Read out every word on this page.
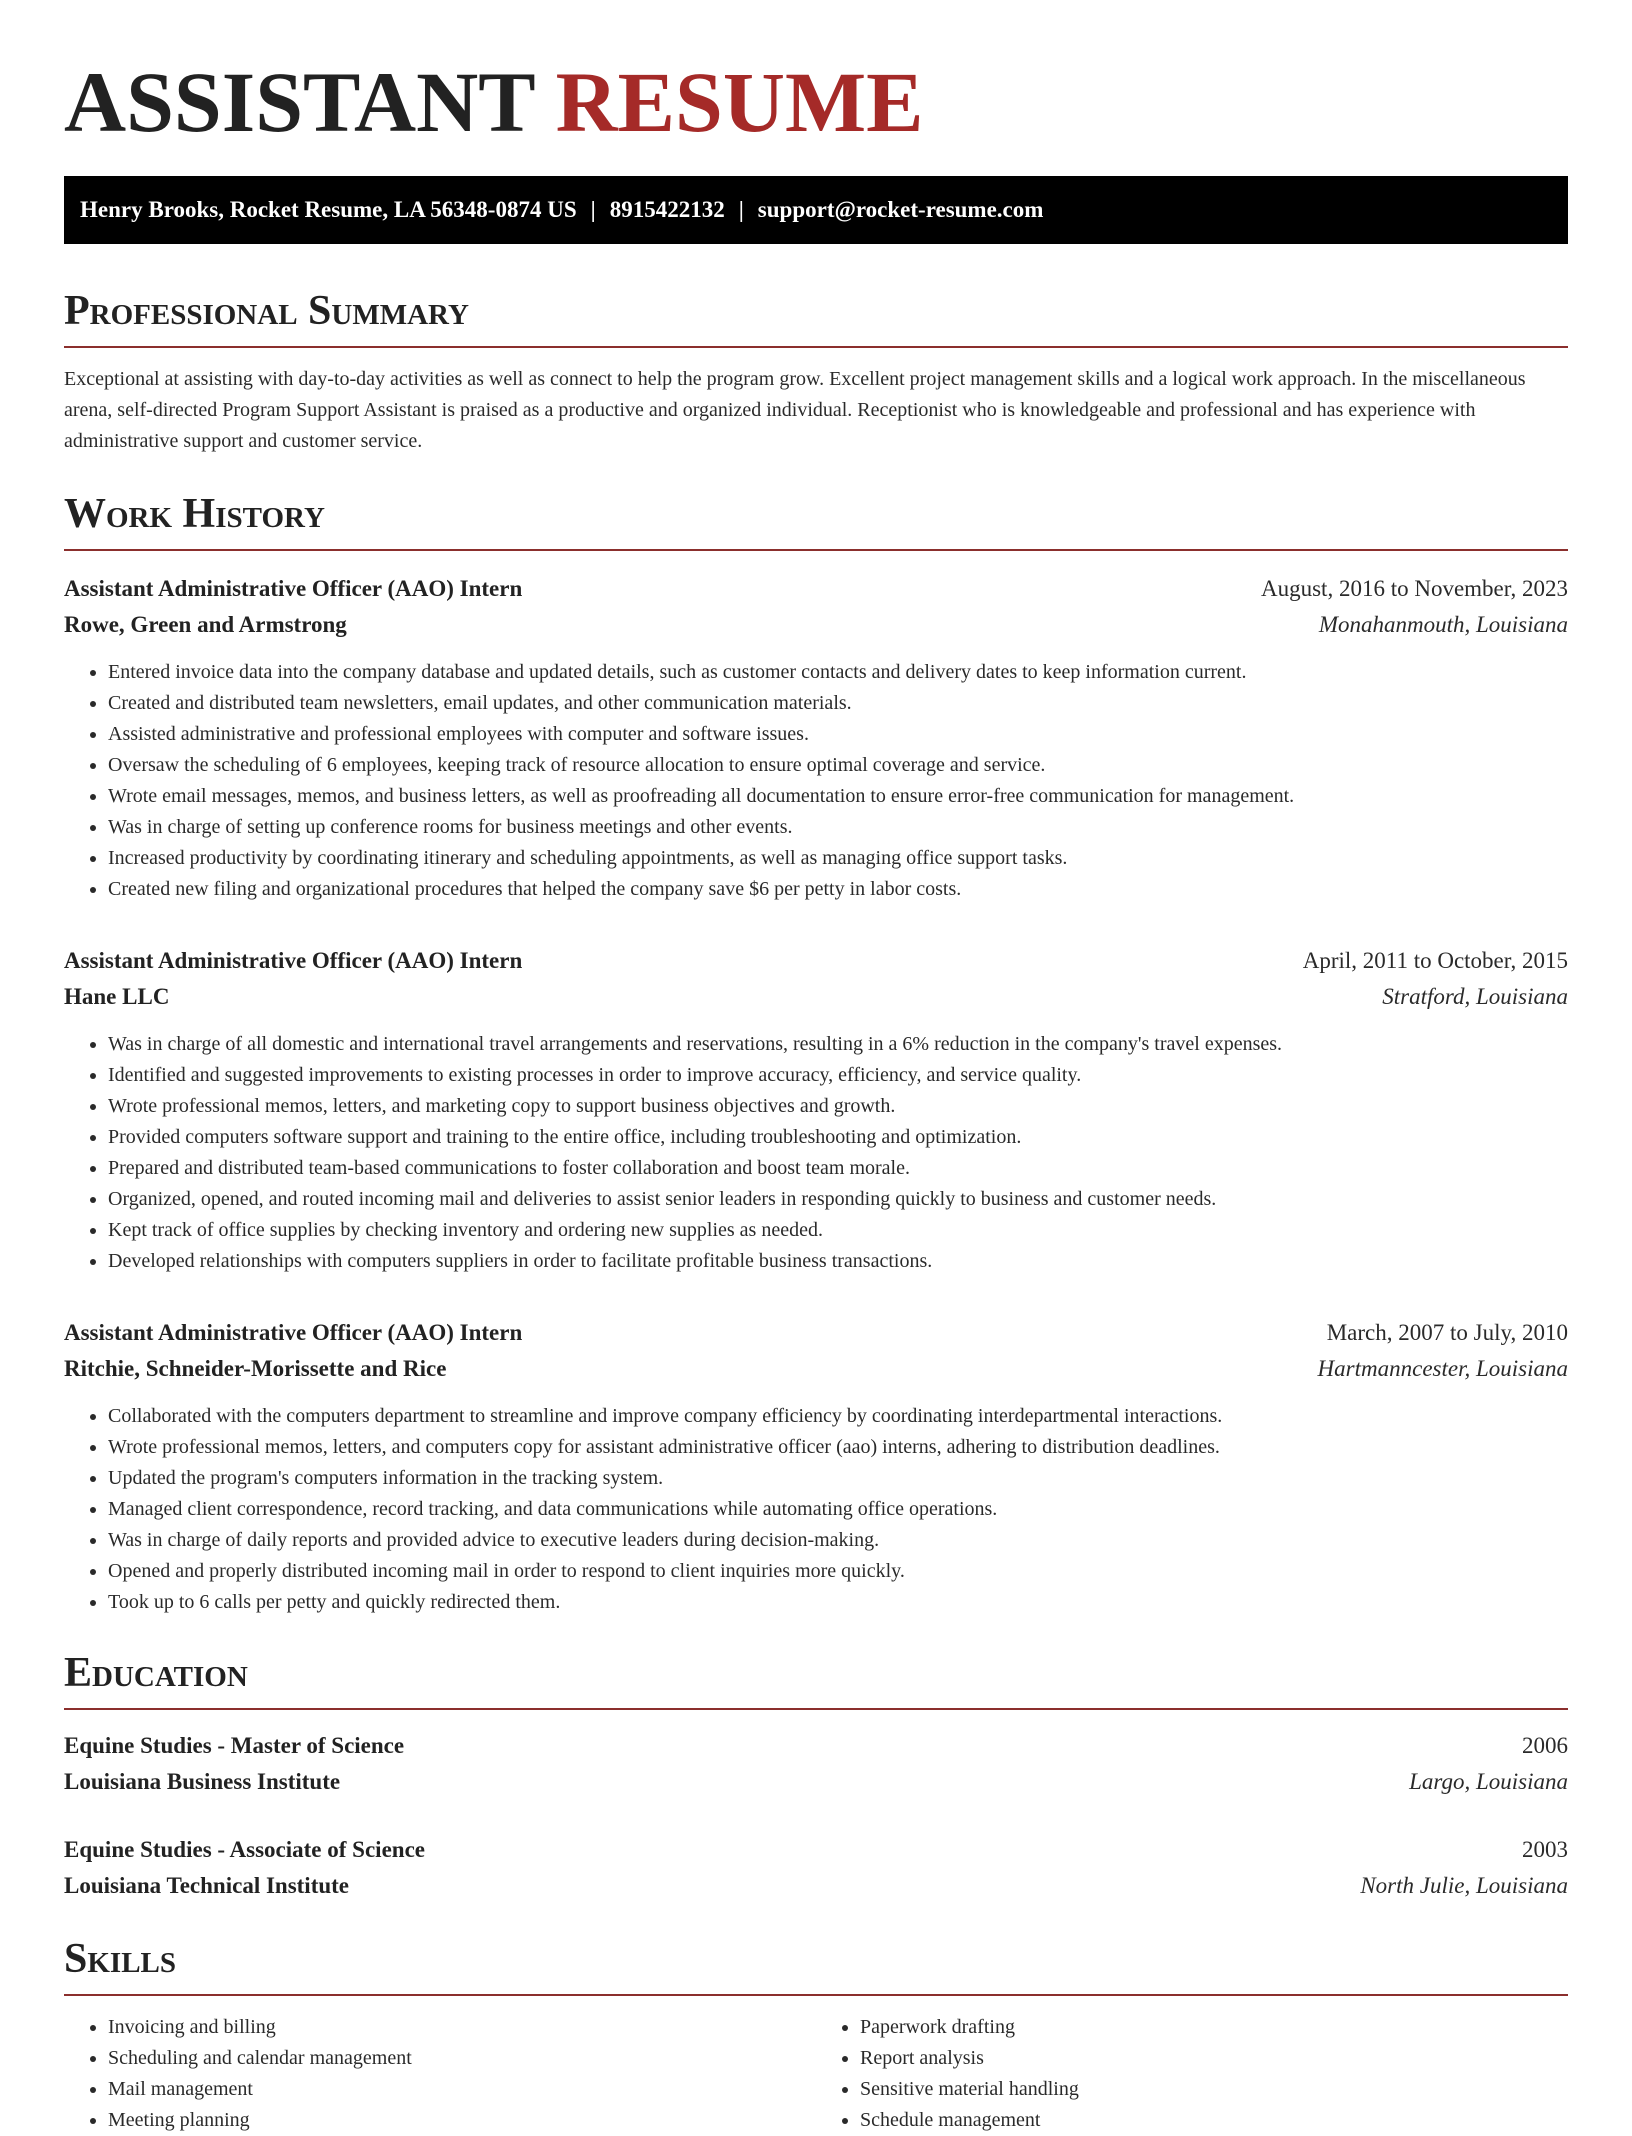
ASSISTANT RESUME
Henry Brooks, Rocket Resume, LA 56348-0874 US | 8915422132 | support@rocket-resume.com
Professional Summary

Exceptional at assisting with day-to-day activities as well as connect to help the program grow. Excellent project management skills and a logical work approach. In the miscellaneous arena, self-directed Program Support Assistant is praised as a productive and organized individual. Receptionist who is knowledgeable and professional and has experience with administrative support and customer service.

Work History
Assistant Administrative Officer (AAO) Intern	August, 2016 to November, 2023
Rowe, Green and Armstrong	Monahanmouth, Louisiana
• Entered invoice data into the company database and updated details, such as customer contacts and delivery dates to keep information current.
• Created and distributed team newsletters, email updates, and other communication materials.
• Assisted administrative and professional employees with computer and software issues.
• Oversaw the scheduling of 6 employees, keeping track of resource allocation to ensure optimal coverage and service.
• Wrote email messages, memos, and business letters, as well as proofreading all documentation to ensure error-free communication for management.
• Was in charge of setting up conference rooms for business meetings and other events.
• Increased productivity by coordinating itinerary and scheduling appointments, as well as managing office support tasks.
• Created new filing and organizational procedures that helped the company save $6 per petty in labor costs.
Assistant Administrative Officer (AAO) Intern	April, 2011 to October, 2015
Hane LLC	Stratford, Louisiana
• Was in charge of all domestic and international travel arrangements and reservations, resulting in a 6% reduction in the company's travel expenses.
• Identified and suggested improvements to existing processes in order to improve accuracy, efficiency, and service quality.
• Wrote professional memos, letters, and marketing copy to support business objectives and growth.
• Provided computers software support and training to the entire office, including troubleshooting and optimization.
• Prepared and distributed team-based communications to foster collaboration and boost team morale.
• Organized, opened, and routed incoming mail and deliveries to assist senior leaders in responding quickly to business and customer needs.
• Kept track of office supplies by checking inventory and ordering new supplies as needed.
• Developed relationships with computers suppliers in order to facilitate profitable business transactions.
Assistant Administrative Officer (AAO) Intern	March, 2007 to July, 2010
Ritchie, Schneider-Morissette and Rice	Hartmanncester, Louisiana
• Collaborated with the computers department to streamline and improve company efficiency by coordinating interdepartmental interactions.
• Wrote professional memos, letters, and computers copy for assistant administrative officer (aao) interns, adhering to distribution deadlines.
• Updated the program's computers information in the tracking system.
• Managed client correspondence, record tracking, and data communications while automating office operations.
• Was in charge of daily reports and provided advice to executive leaders during decision-making.
• Opened and properly distributed incoming mail in order to respond to client inquiries more quickly.
• Took up to 6 calls per petty and quickly redirected them.
Education
Equine Studies - Master of Science	2006
Louisiana Business Institute	Largo, Louisiana
Equine Studies - Associate of Science	2003
Louisiana Technical Institute	North Julie, Louisiana
Skills
• Invoicing and billing
• Scheduling and calendar management
• Mail management
• Meeting planning
• Paperwork drafting
• Report analysis
• Sensitive material handling
• Schedule management
